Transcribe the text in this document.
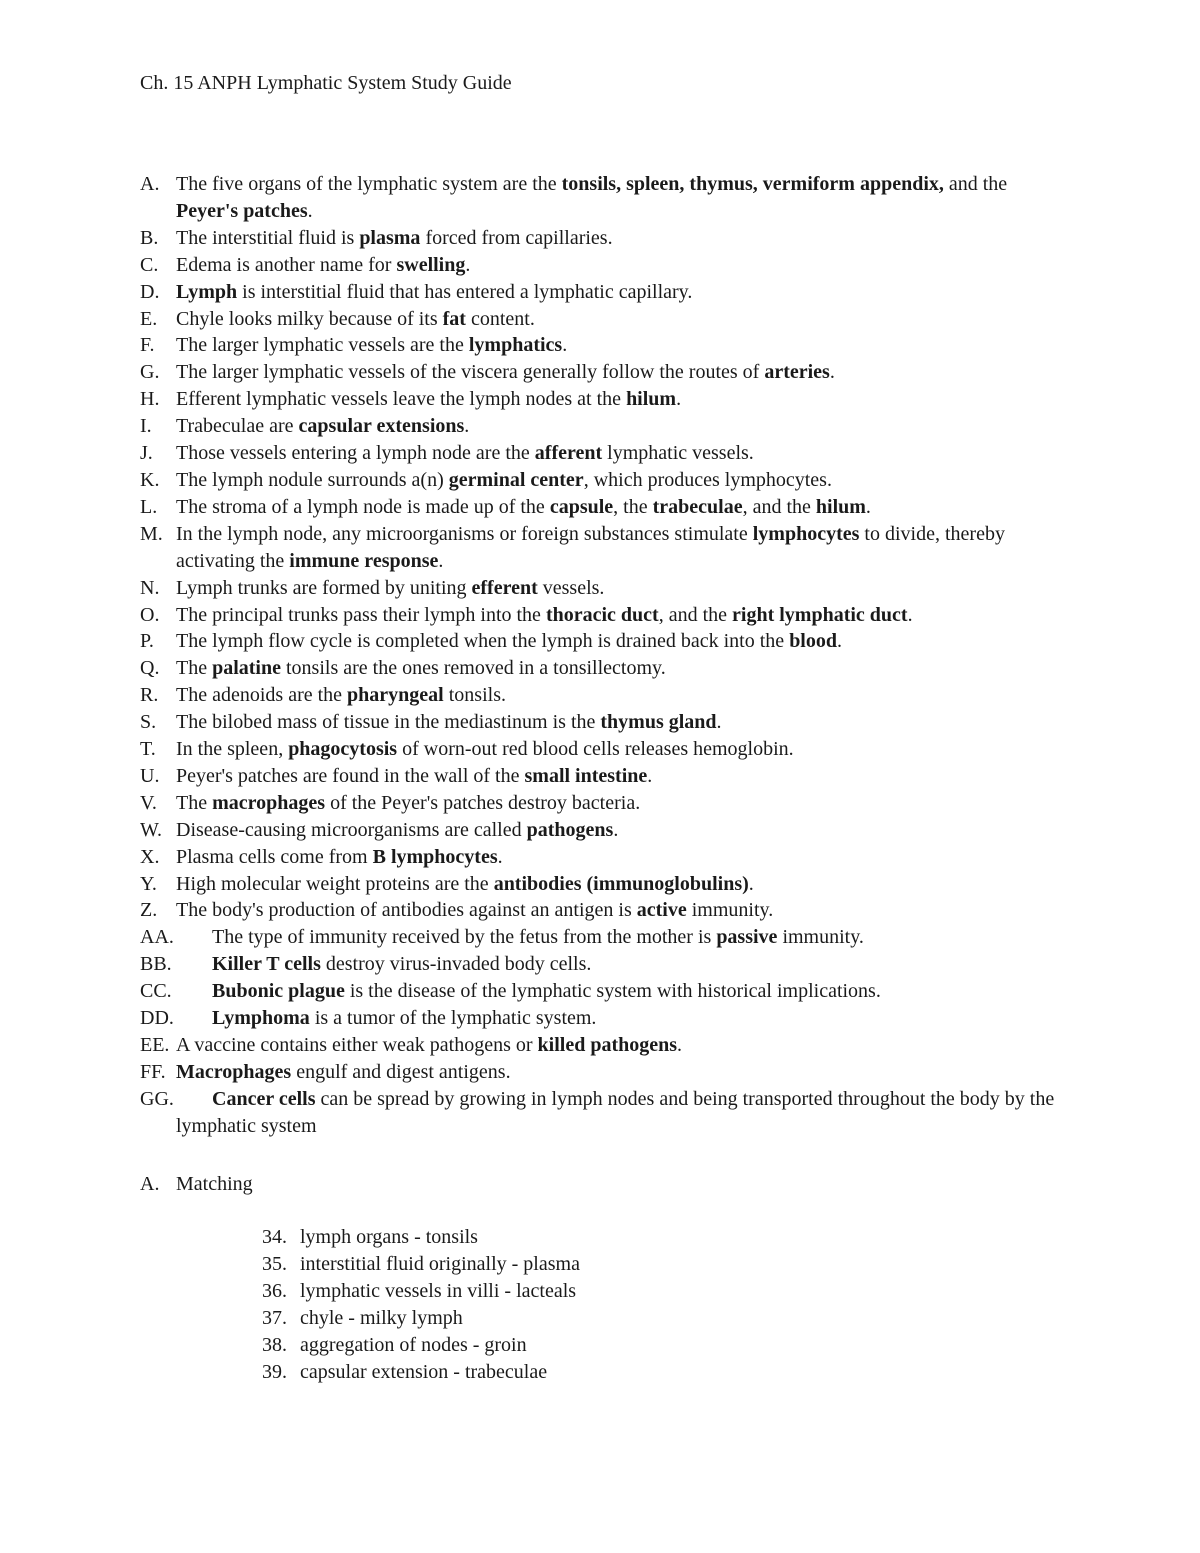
Ch. 15 ANPH Lymphatic System Study Guide
A. The five organs of the lymphatic system are the tonsils, spleen, thymus, vermiform appendix, and the Peyer's patches.
B. The interstitial fluid is plasma forced from capillaries.
C. Edema is another name for swelling.
D. Lymph is interstitial fluid that has entered a lymphatic capillary.
E. Chyle looks milky because of its fat content.
F.	The larger lymphatic vessels are the lymphatics.
G. The larger lymphatic vessels of the viscera generally follow the routes of arteries.
H. Efferent lymphatic vessels leave the lymph nodes at the hilum.
I.	Trabeculae are capsular extensions.
J.	Those vessels entering a lymph node are the afferent lymphatic vessels.
K. The lymph nodule surrounds a(n) germinal center, which produces lymphocytes.
L. The stroma of a lymph node is made up of the capsule, the trabeculae, and the hilum.
M. In the lymph node, any microorganisms or foreign substances stimulate lymphocytes to divide, thereby activating the immune response.
N. Lymph trunks are formed by uniting efferent vessels.
O. The principal trunks pass their lymph into the thoracic duct, and the right lymphatic duct.
P.	The lymph flow cycle is completed when the lymph is drained back into the blood.
Q. The palatine tonsils are the ones removed in a tonsillectomy.
R. The adenoids are the pharyngeal tonsils.
S. The bilobed mass of tissue in the mediastinum is the thymus gland.
T.	In the spleen, phagocytosis of worn-out red blood cells releases hemoglobin.
U. Peyer's patches are found in the wall of the small intestine.
V. The macrophages of the Peyer's patches destroy bacteria.
W. Disease-causing microorganisms are called pathogens.
X. Plasma cells come from B lymphocytes.
Y. High molecular weight proteins are the antibodies (immunoglobulins).
Z. The body's production of antibodies against an antigen is active immunity.
AA.	The type of immunity received by the fetus from the mother is passive immunity.
BB.	Killer T cells destroy virus-invaded body cells.
CC.	Bubonic plague is the disease of the lymphatic system with historical implications.
DD.	Lymphoma is a tumor of the lymphatic system.
EE. A vaccine contains either weak pathogens or killed pathogens.
FF. Macrophages engulf and digest antigens.
GG.	Cancer cells can be spread by growing in lymph nodes and being transported throughout the body by the lymphatic system
A. Matching
34. lymph organs - tonsils
35. interstitial fluid originally - plasma
36. lymphatic vessels in villi - lacteals
37. chyle - milky lymph
38. aggregation of nodes - groin
39. capsular extension - trabeculae
